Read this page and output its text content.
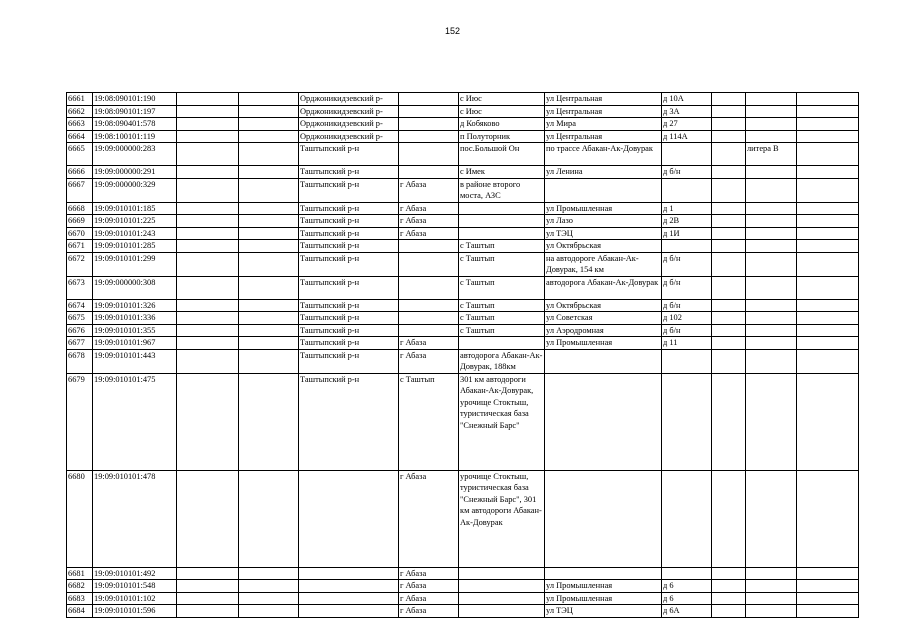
152
6661	19:08:090101:190			Орджоникидзевский р-		с Июс	ул Центральная	д 10А			
6662	19:08:090101:197			Орджоникидзевский р-		с Июс	ул Центральная	д 3А			
6663	19:08:090401:578			Орджоникидзевский р-		д Кобяково	ул Мира	д 27			
6664	19:08:100101:119			Орджоникидзевский р-		п Полуторник	ул Центральная	д 114А			
6665	19:09:000000:283			Таштыпский р-н		пос.Большой Он	по трассе Абакан-Ак-Довурак			литера В	
6666	19:09:000000:291			Таштыпский р-н		с Имек	ул Ленина	д б/н			
6667	19:09:000000:329			Таштыпский р-н	г Абаза	в районе второго моста, АЗС					
6668	19:09:010101:185			Таштыпский р-н	г Абаза		ул Промышленная	д 1			
6669	19:09:010101:225			Таштыпский р-н	г Абаза		ул Лазо	д 2В			
6670	19:09:010101:243			Таштыпский р-н	г Абаза		ул ТЭЦ	д 1И			
6671	19:09:010101:285			Таштыпский р-н		с Таштып	ул Октябрьская				
6672	19:09:010101:299			Таштыпский р-н		с Таштып	на автодороге Абакан-Ак-Довурак, 154 км	д б/н			
6673	19:09:000000:308			Таштыпский р-н		с Таштып	автодорога Абакан-Ак-Довурак	д б/н			
6674	19:09:010101:326			Таштыпский р-н		с Таштып	ул Октябрьская	д б/н			
6675	19:09:010101:336			Таштыпский р-н		с Таштып	ул Советская	д 102			
6676	19:09:010101:355			Таштыпский р-н		с Таштып	ул Аэродромная	д б/н			
6677	19:09:010101:967			Таштыпский р-н	г Абаза		ул Промышленная	д 11			
6678	19:09:010101:443			Таштыпский р-н	г Абаза	автодорога Абакан-Ак-Довурак, 188км					
6679	19:09:010101:475			Таштыпский р-н	с Таштып	301 км автодороги Абакан-Ак-Довурак, урочище Стоктыш, туристическая база "Снежный Барс"					
6680	19:09:010101:478				г Абаза	урочище Стоктыш, туристическая база "Снежный Барс", 301 км автодороги Абакан-Ак-Довурак					
6681	19:09:010101:492				г Абаза						
6682	19:09:010101:548				г Абаза		ул Промышленная	д 6			
6683	19:09:010101:102				г Абаза		ул Промышленная	д 6			
6684	19:09:010101:596				г Абаза		ул ТЭЦ	д 6А			
